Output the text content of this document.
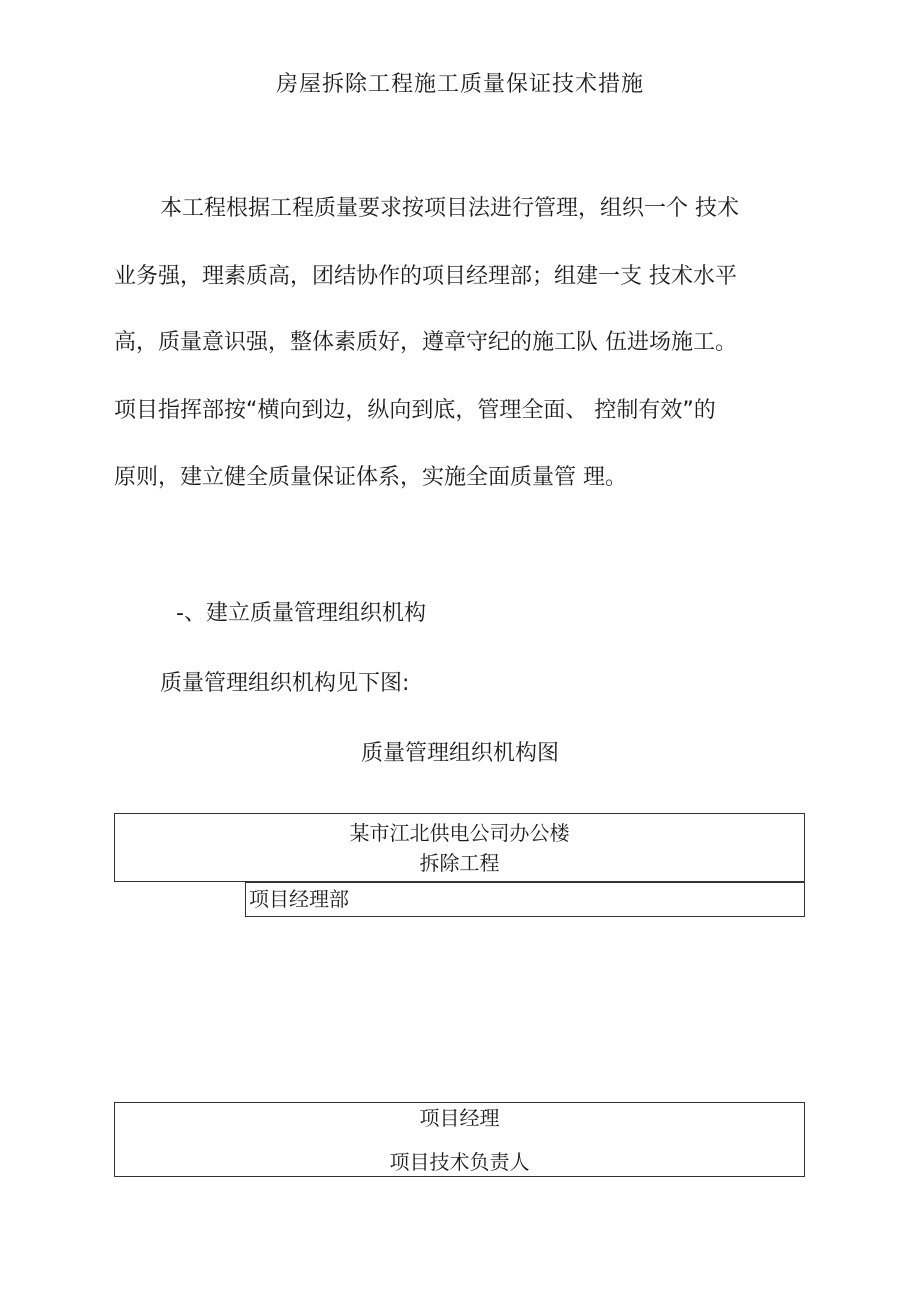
房屋拆除工程施工质量保证技术措施

本工程根据工程质量要求按项目法进行管理，组织一个 技术

业务强，理素质高，团结协作的项目经理部；组建一支 技术水平

高，质量意识强，整体素质好，遵章守纪的施工队 伍进场施工。

项目指挥部按“横向到边，纵向到底，管理全面、 控制有效”的

原则，建立健全质量保证体系，实施全面质量管 理。

-、建立质量管理组织机构

质量管理组织机构见下图:

质量管理组织机构图
某市江北供电公司办公楼
拆除工程
项目经理部
项目经理
项目技术负责人
